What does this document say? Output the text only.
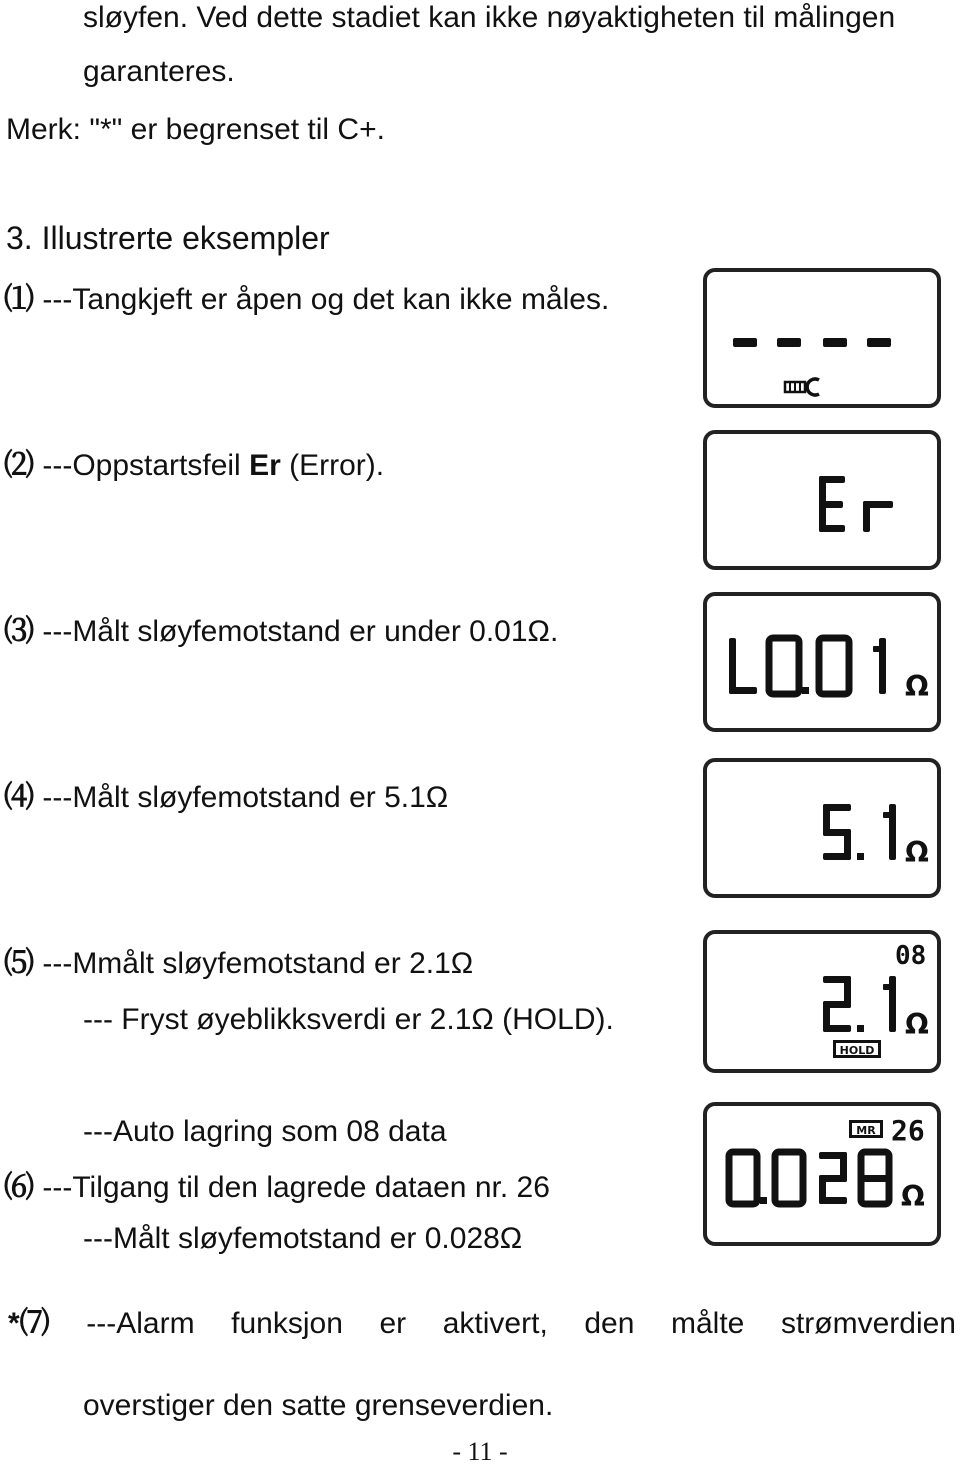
sløyfen. Ved dette stadiet kan ikke nøyaktigheten til målingen
garanteres.
Merk: "*" er begrenset til C+.
3. Illustrerte eksempler
⑴ ---Tangkjeft er åpen og det kan ikke måles.
⑵ ---Oppstartsfeil Er (Error).
⑶ ---Målt sløyfemotstand er under 0.01Ω.
⑷ ---Målt sløyfemotstand er 5.1Ω
⑸ ---Mmålt sløyfemotstand er 2.1Ω
--- Fryst øyeblikksverdi er 2.1Ω (HOLD).
---Auto lagring som 08 data
⑹ ---Tilgang til den lagrede dataen nr. 26
---Målt sløyfemotstand er 0.028Ω
*⑺ ---Alarm funksjon er aktivert, den målte strømverdien
overstiger den satte grenseverdien.
- 11 -
Ω
Ω
08
Ω
HOLD
MR 26
Ω
